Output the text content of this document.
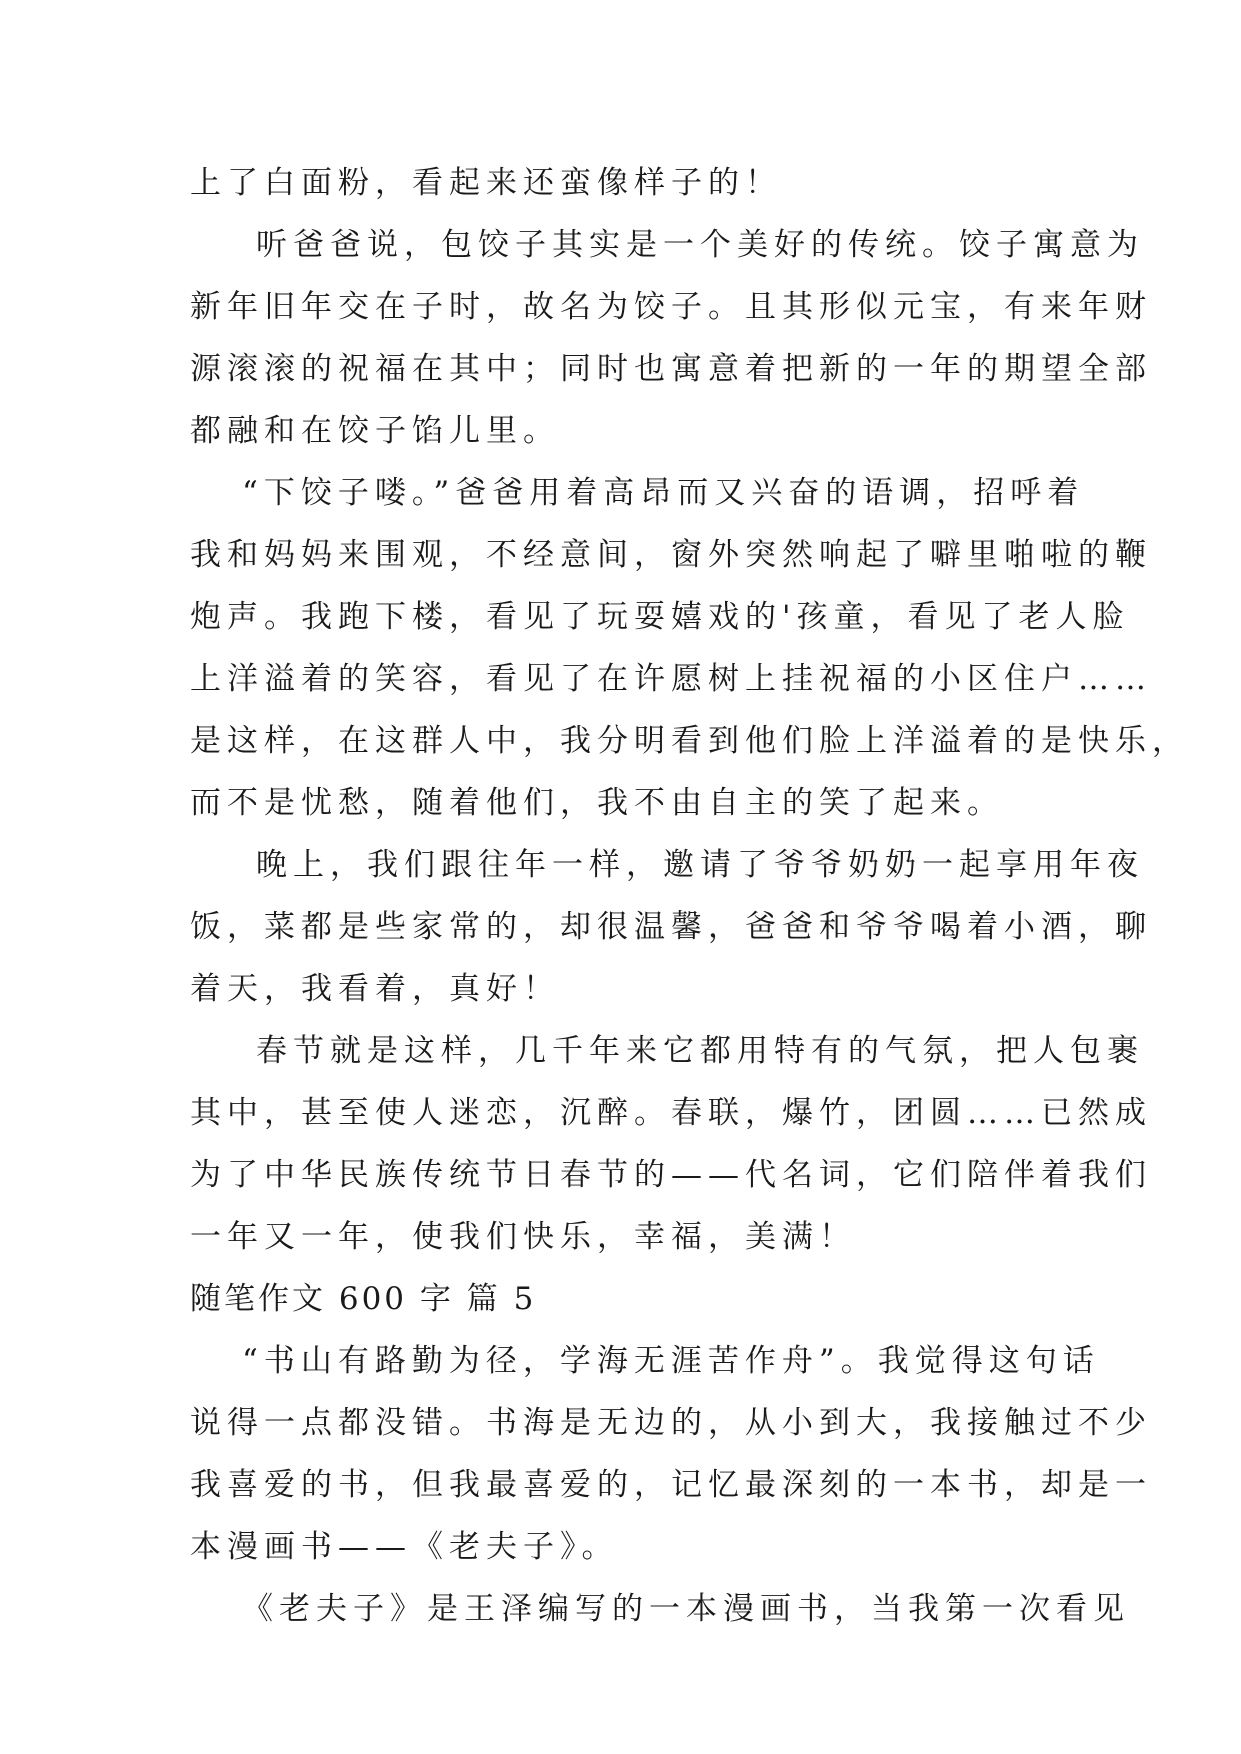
上了白面粉，看起来还蛮像样子的！
听爸爸说，包饺子其实是一个美好的传统。饺子寓意为
新年旧年交在子时，故名为饺子。且其形似元宝，有来年财
源滚滚的祝福在其中；同时也寓意着把新的一年的期望全部
都融和在饺子馅儿里。
“下饺子喽。”爸爸用着高昂而又兴奋的语调，招呼着
我和妈妈来围观，不经意间，窗外突然响起了噼里啪啦的鞭
炮声。我跑下楼，看见了玩耍嬉戏的'孩童，看见了老人脸
上洋溢着的笑容，看见了在许愿树上挂祝福的小区住户……
是这样，在这群人中，我分明看到他们脸上洋溢着的是快乐，
而不是忧愁，随着他们，我不由自主的笑了起来。
晚上，我们跟往年一样，邀请了爷爷奶奶一起享用年夜
饭，菜都是些家常的，却很温馨，爸爸和爷爷喝着小酒，聊
着天，我看着，真好！
春节就是这样，几千年来它都用特有的气氛，把人包裹
其中，甚至使人迷恋，沉醉。春联，爆竹，团圆……已然成
为了中华民族传统节日春节的——代名词，它们陪伴着我们
一年又一年，使我们快乐，幸福，美满！
随笔作文 600 字 篇 5
“书山有路勤为径，学海无涯苦作舟”。我觉得这句话
说得一点都没错。书海是无边的，从小到大，我接触过不少
我喜爱的书，但我最喜爱的，记忆最深刻的一本书，却是一
本漫画书——《老夫子》。
《老夫子》是王泽编写的一本漫画书，当我第一次看见
